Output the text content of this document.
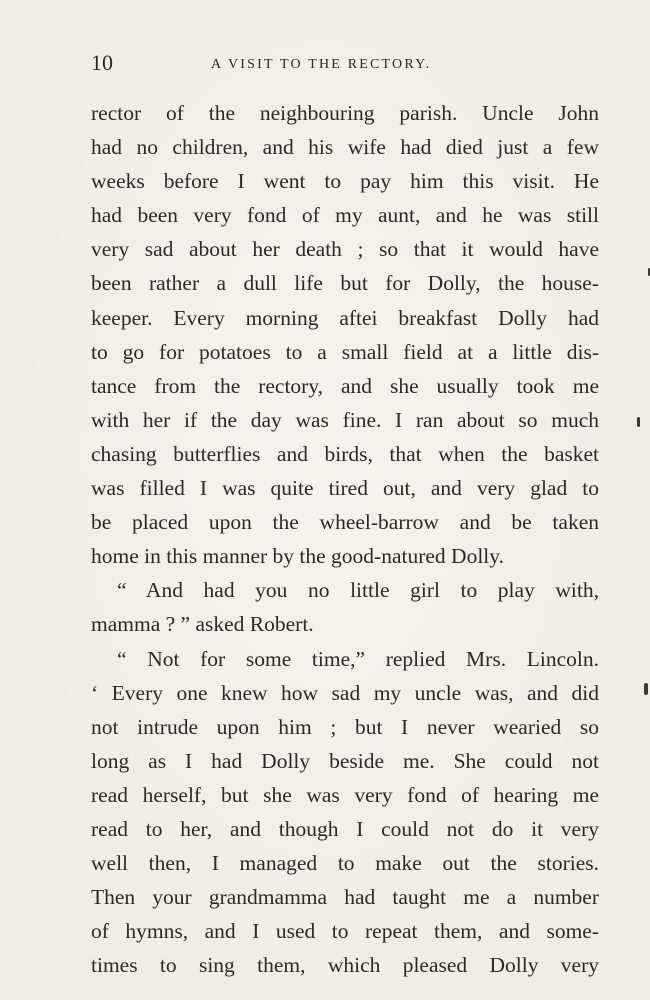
10	A VISIT TO THE RECTORY.
rector of the neighbouring parish. Uncle John
had no children, and his wife had died just a few
weeks before I went to pay him this visit. He
had been very fond of my aunt, and he was still
very sad about her death ; so that it would have
been rather a dull life but for Dolly, the house-
keeper. Every morning aftei breakfast Dolly had
to go for potatoes to a small field at a little dis-
tance from the rectory, and she usually took me
with her if the day was fine. I ran about so much
chasing butterflies and birds, that when the basket
was filled I was quite tired out, and very glad to
be placed upon the wheel-barrow and be taken
home in this manner by the good-natured Dolly.
“ And had you no little girl to play with,
mamma ? ” asked Robert.
“ Not for some time,” replied Mrs. Lincoln.
‘ Every one knew how sad my uncle was, and did
not intrude upon him ; but I never wearied so
long as I had Dolly beside me. She could not
read herself, but she was very fond of hearing me
read to her, and though I could not do it very
well then, I managed to make out the stories.
Then your grandmamma had taught me a number
of hymns, and I used to repeat them, and some-
times to sing them, which pleased Dolly very
